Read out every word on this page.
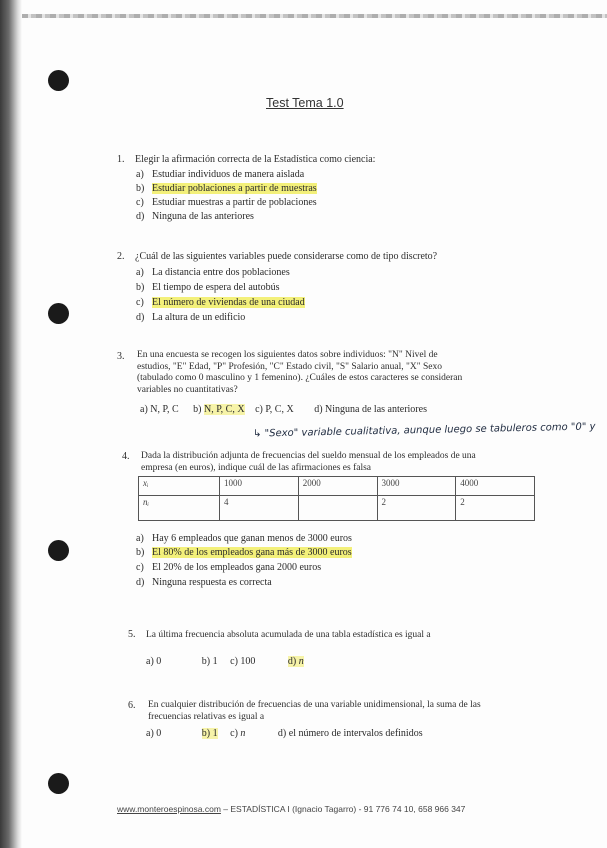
Test Tema 1.0
1. Elegir la afirmación correcta de la Estadística como ciencia:
a) Estudiar individuos de manera aislada
b) Estudiar poblaciones a partir de muestras
c) Estudiar muestras a partir de poblaciones
d) Ninguna de las anteriores
2. ¿Cuál de las siguientes variables puede considerarse como de tipo discreto?
a) La distancia entre dos poblaciones
b) El tiempo de espera del autobús
c) El número de viviendas de una ciudad
d) La altura de un edificio
3. En una encuesta se recogen los siguientes datos sobre individuos: "N" Nivel de
estudios, "E" Edad, "P" Profesión, "C" Estado civil, "S" Salario anual, "X" Sexo
(tabulado como 0 masculino y 1 femenino). ¿Cuáles de estos caracteres se consideran
variables no cuantitativas?
a) N, P, C b) N, P, C, X c) P, C, X d) Ninguna de las anteriores
↳ "Sexo" variable cualitativa, aunque luego se tabuleros como "0" y
4. Dada la distribución adjunta de frecuencias del sueldo mensual de los empleados de una
empresa (en euros), indique cuál de las afirmaciones es falsa
xᵢ	1000	2000	3000	4000
nᵢ	4		2	2
a) Hay 6 empleados que ganan menos de 3000 euros
b) El 80% de los empleados gana más de 3000 euros
c) El 20% de los empleados gana 2000 euros
d) Ninguna respuesta es correcta
5. La última frecuencia absoluta acumulada de una tabla estadística es igual a
a) 0	b) 1 c) 100	d) n
6. En cualquier distribución de frecuencias de una variable unidimensional, la suma de las
frecuencias relativas es igual a
a) 0	b) 1 c) n	d) el número de intervalos definidos
www.monteroespinosa.com – ESTADÍSTICA I (Ignacio Tagarro) - 91 776 74 10, 658 966 347
